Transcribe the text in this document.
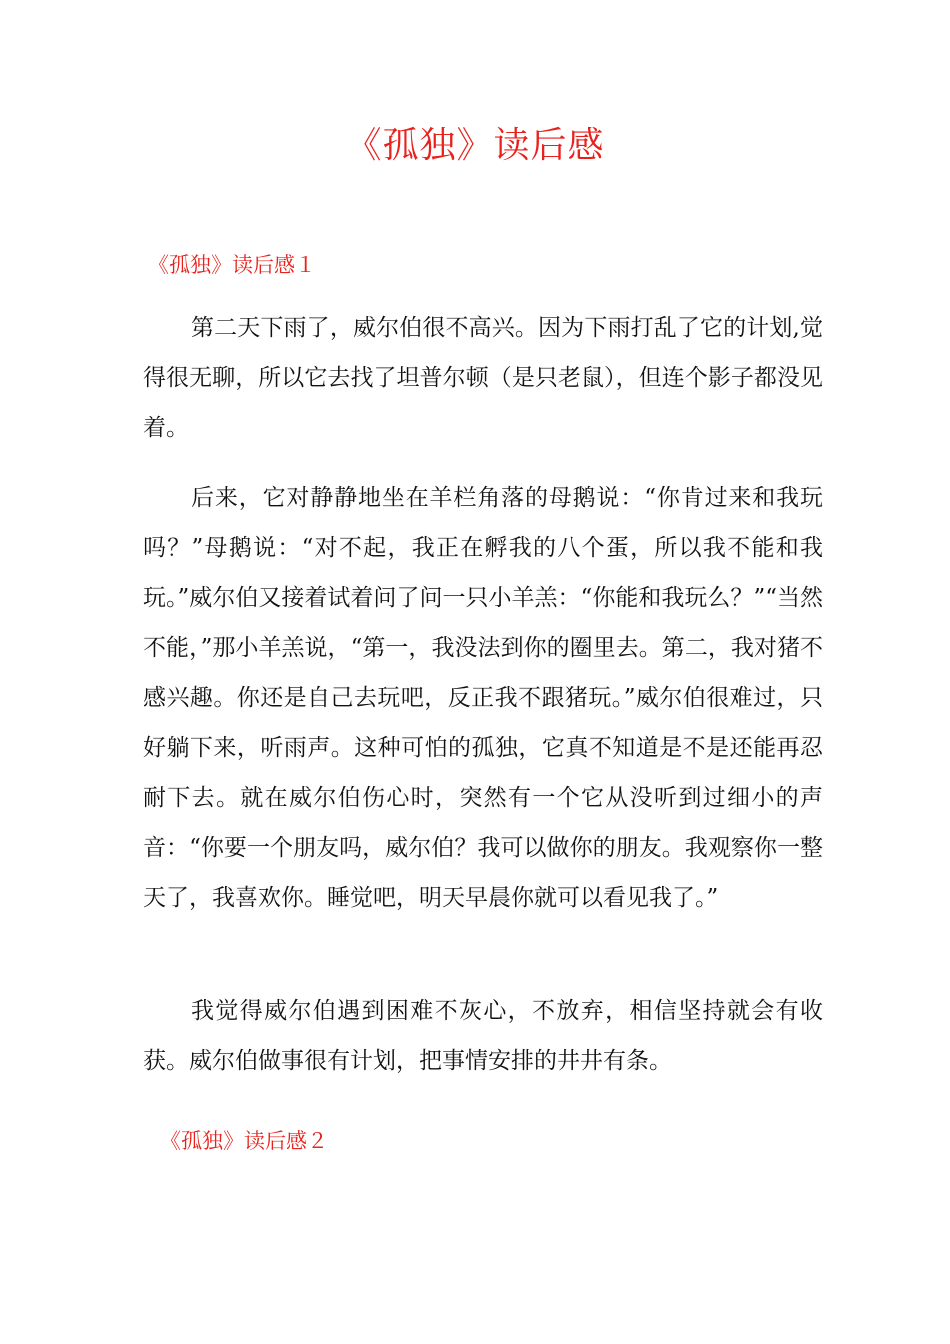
《孤独》读后感
《孤独》读后感１

第二天下雨了，威尔伯很不高兴。因为下雨打乱了它的计划,觉得很无聊，所以它去找了坦普尔顿（是只老鼠），但连个影子都没见着。

后来，它对静静地坐在羊栏角落的母鹅说：“你肯过来和我玩吗？”母鹅说：“对不起，我正在孵我的八个蛋，所以我不能和我玩。”威尔伯又接着试着问了问一只小羊羔：“你能和我玩么？”“当然不能，”那小羊羔说，“第一，我没法到你的圈里去。第二，我对猪不感兴趣。你还是自己去玩吧，反正我不跟猪玩。”威尔伯很难过，只好躺下来，听雨声。这种可怕的孤独，它真不知道是不是还能再忍耐下去。就在威尔伯伤心时，突然有一个它从没听到过细小的声音：“你要一个朋友吗，威尔伯？我可以做你的朋友。我观察你一整天了，我喜欢你。睡觉吧，明天早晨你就可以看见我了。”

我觉得威尔伯遇到困难不灰心，不放弃，相信坚持就会有收获。威尔伯做事很有计划，把事情安排的井井有条。

《孤独》读后感２
